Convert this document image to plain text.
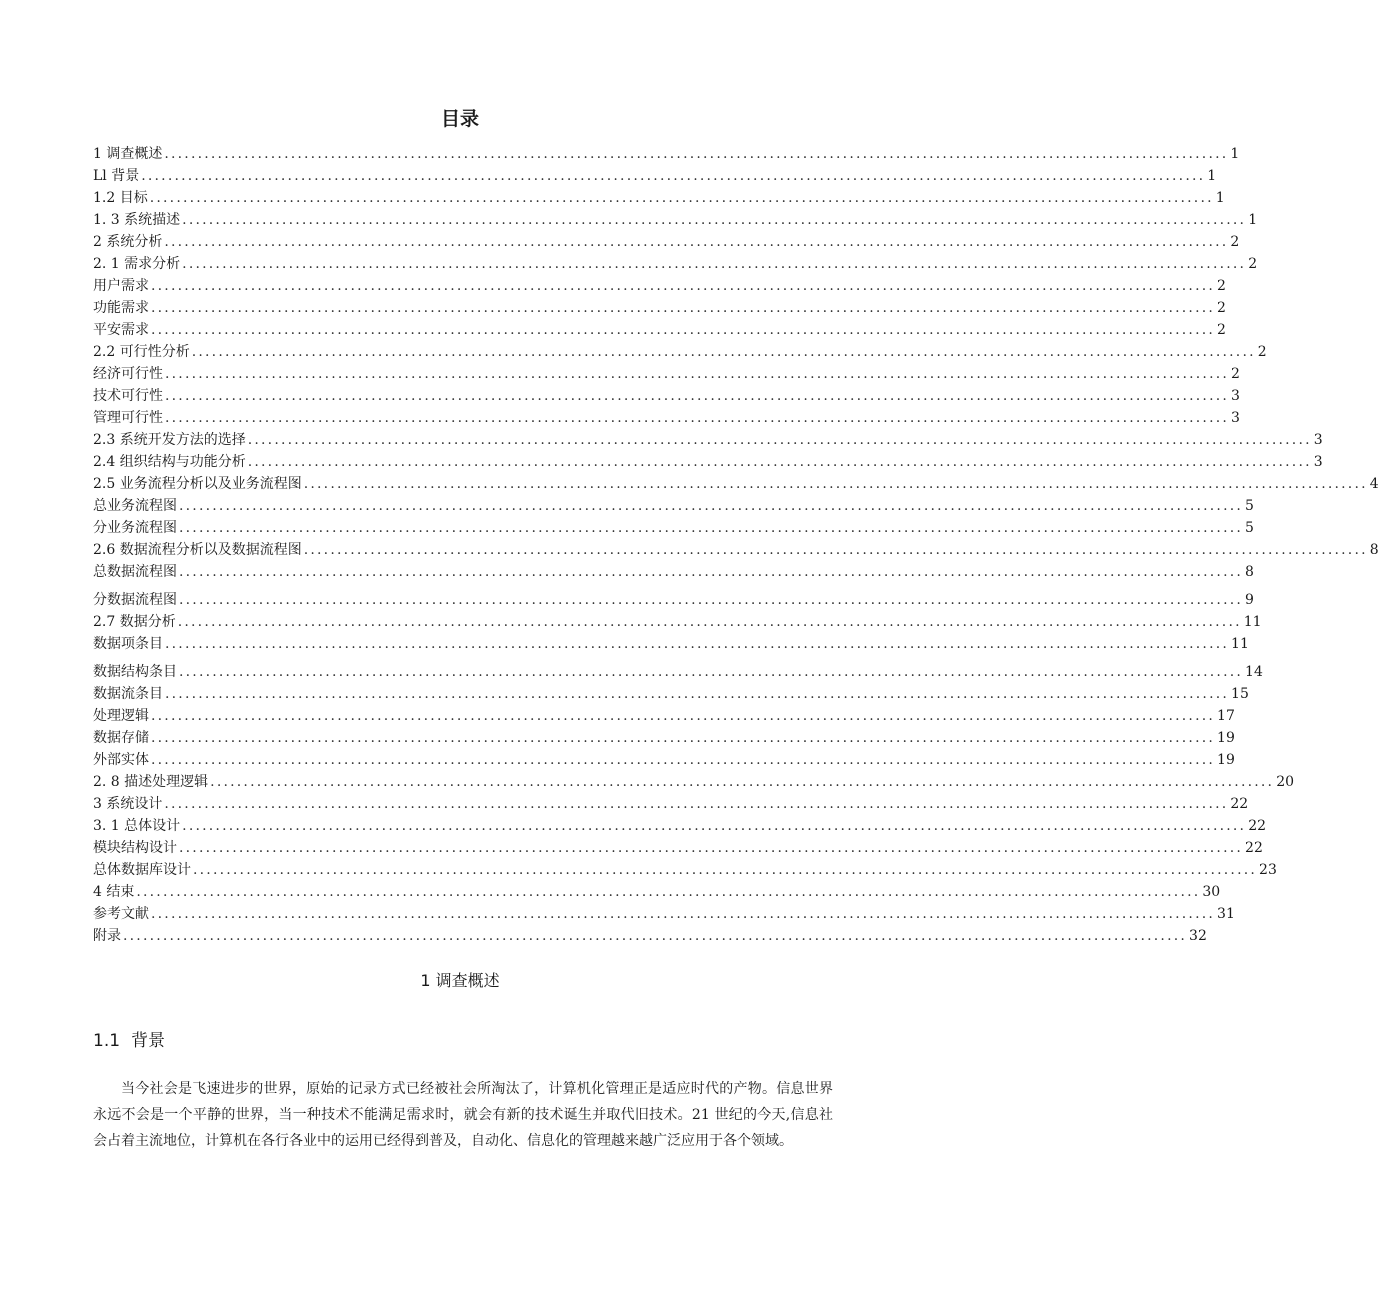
目录
1 调查概述 ................................................................................................................................................................ 1
Ll 背景 ................................................................................................................................................................ 1
1.2 目标 ................................................................................................................................................................ 1
1. 3 系统描述 ................................................................................................................................................................ 1
2 系统分析 ................................................................................................................................................................ 2
2. 1 需求分析 ................................................................................................................................................................ 2
用户需求 ................................................................................................................................................................ 2
功能需求 ................................................................................................................................................................ 2
平安需求 ................................................................................................................................................................ 2
2.2 可行性分析 ................................................................................................................................................................ 2
经济可行性 ................................................................................................................................................................ 2
技术可行性 ................................................................................................................................................................ 3
管理可行性 ................................................................................................................................................................ 3
2.3 系统开发方法的选择 ................................................................................................................................................................ 3
2.4 组织结构与功能分析 ................................................................................................................................................................ 3
2.5 业务流程分析以及业务流程图 ................................................................................................................................................................ 4
总业务流程图 ................................................................................................................................................................ 5
分业务流程图 ................................................................................................................................................................ 5
2.6 数据流程分析以及数据流程图 ................................................................................................................................................................ 8
总数据流程图 ................................................................................................................................................................ 8
分数据流程图 ................................................................................................................................................................ 9
2.7 数据分析 ................................................................................................................................................................ 11
数据项条目 ................................................................................................................................................................ 11
数据结构条目 ................................................................................................................................................................ 14
数据流条目 ................................................................................................................................................................ 15
处理逻辑 ................................................................................................................................................................ 17
数据存储 ................................................................................................................................................................ 19
外部实体 ................................................................................................................................................................ 19
2. 8 描述处理逻辑 ................................................................................................................................................................ 20
3 系统设计 ................................................................................................................................................................ 22
3. 1 总体设计 ................................................................................................................................................................ 22
模块结构设计 ................................................................................................................................................................ 22
总体数据库设计 ................................................................................................................................................................ 23
4 结束 ................................................................................................................................................................ 30
参考文献 ................................................................................................................................................................ 31
附录 ................................................................................................................................................................ 32
1 调查概述
1.1 背景

当今社会是飞速进步的世界，原始的记录方式已经被社会所淘汰了，计算机化管理正是适应时代的产物。信息世界永远不会是一个平静的世界，当一种技术不能满足需求时，就会有新的技术诞生并取代旧技术。21 世纪的今天,信息社会占着主流地位，计算机在各行各业中的运用已经得到普及，自动化、信息化的管理越来越广泛应用于各个领域。
